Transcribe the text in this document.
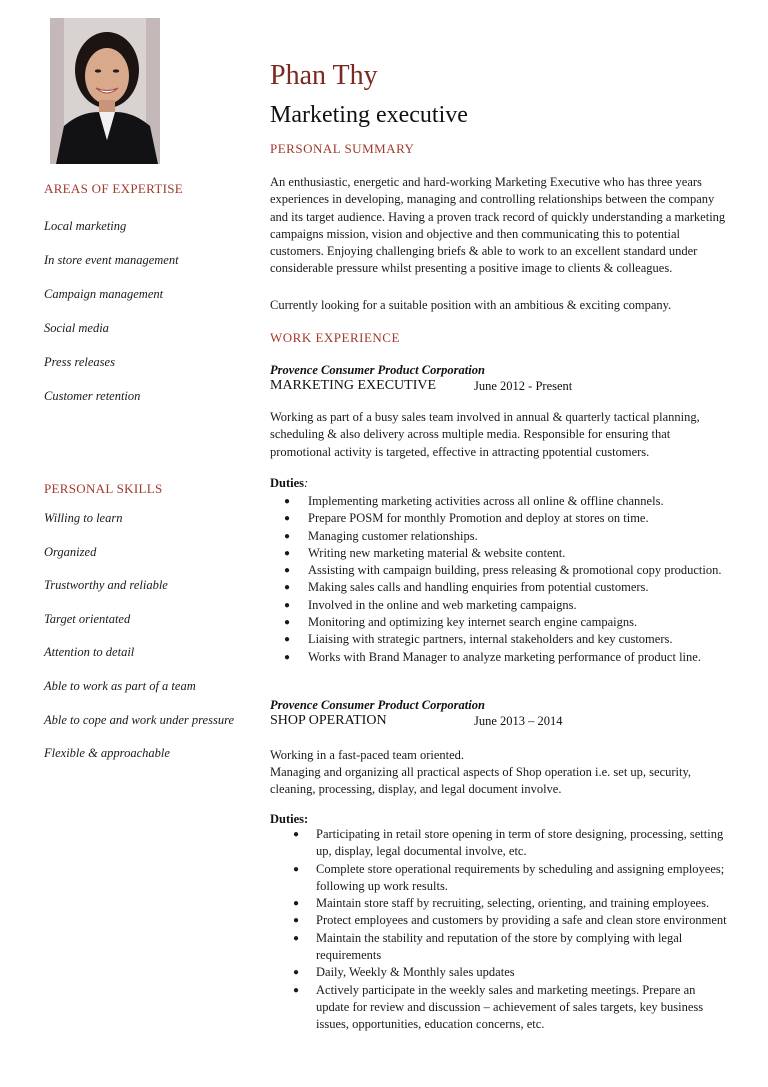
AREAS OF EXPERTISE
Local marketing
In store event management
Campaign management
Social media
Press releases
Customer retention
PERSONAL SKILLS
Willing to learn
Organized
Trustworthy and reliable
Target orientated
Attention to detail
Able to work as part of a team
Able to cope and work under pressure
Flexible & approachable
Phan Thy
Marketing executive
PERSONAL SUMMARY
An enthusiastic, energetic and hard-working Marketing Executive who has three years experiences in developing, managing and controlling relationships between the company and its target audience. Having a proven track record of quickly understanding a marketing campaigns mission, vision and objective and then communicating this to potential customers. Enjoying challenging briefs & able to work to an excellent standard under considerable pressure whilst presenting a positive image to clients & colleagues.
Currently looking for a suitable position with an ambitious & exciting company.
WORK EXPERIENCE
Provence Consumer Product Corporation
MARKETING EXECUTIVE	June 2012 - Present
Working as part of a busy sales team involved in annual & quarterly tactical planning, scheduling & also delivery across multiple media. Responsible for ensuring that promotional activity is targeted, effective in attracting ppotential customers.
Duties:
● Implementing marketing activities across all online & offline channels.
● Prepare POSM for monthly Promotion and deploy at stores on time.
● Managing customer relationships.
● Writing new marketing material & website content.
● Assisting with campaign building, press releasing & promotional copy production.
● Making sales calls and handling enquiries from potential customers.
● Involved in the online and web marketing campaigns.
● Monitoring and optimizing key internet search engine campaigns.
● Liaising with strategic partners, internal stakeholders and key customers.
● Works with Brand Manager to analyze marketing performance of product line.
Provence Consumer Product Corporation
SHOP OPERATION	June 2013 – 2014
Working in a fast-paced team oriented.
Managing and organizing all practical aspects of Shop operation i.e. set up, security, cleaning, processing, display, and legal document involve.
Duties:
● Participating in retail store opening in term of store designing, processing, setting up, display, legal documental involve, etc.
● Complete store operational requirements by scheduling and assigning employees; following up work results.
● Maintain store staff by recruiting, selecting, orienting, and training employees.
● Protect employees and customers by providing a safe and clean store environment
● Maintain the stability and reputation of the store by complying with legal requirements
● Daily, Weekly & Monthly sales updates
● Actively participate in the weekly sales and marketing meetings. Prepare an update for review and discussion – achievement of sales targets, key business issues, opportunities, education concerns, etc.
